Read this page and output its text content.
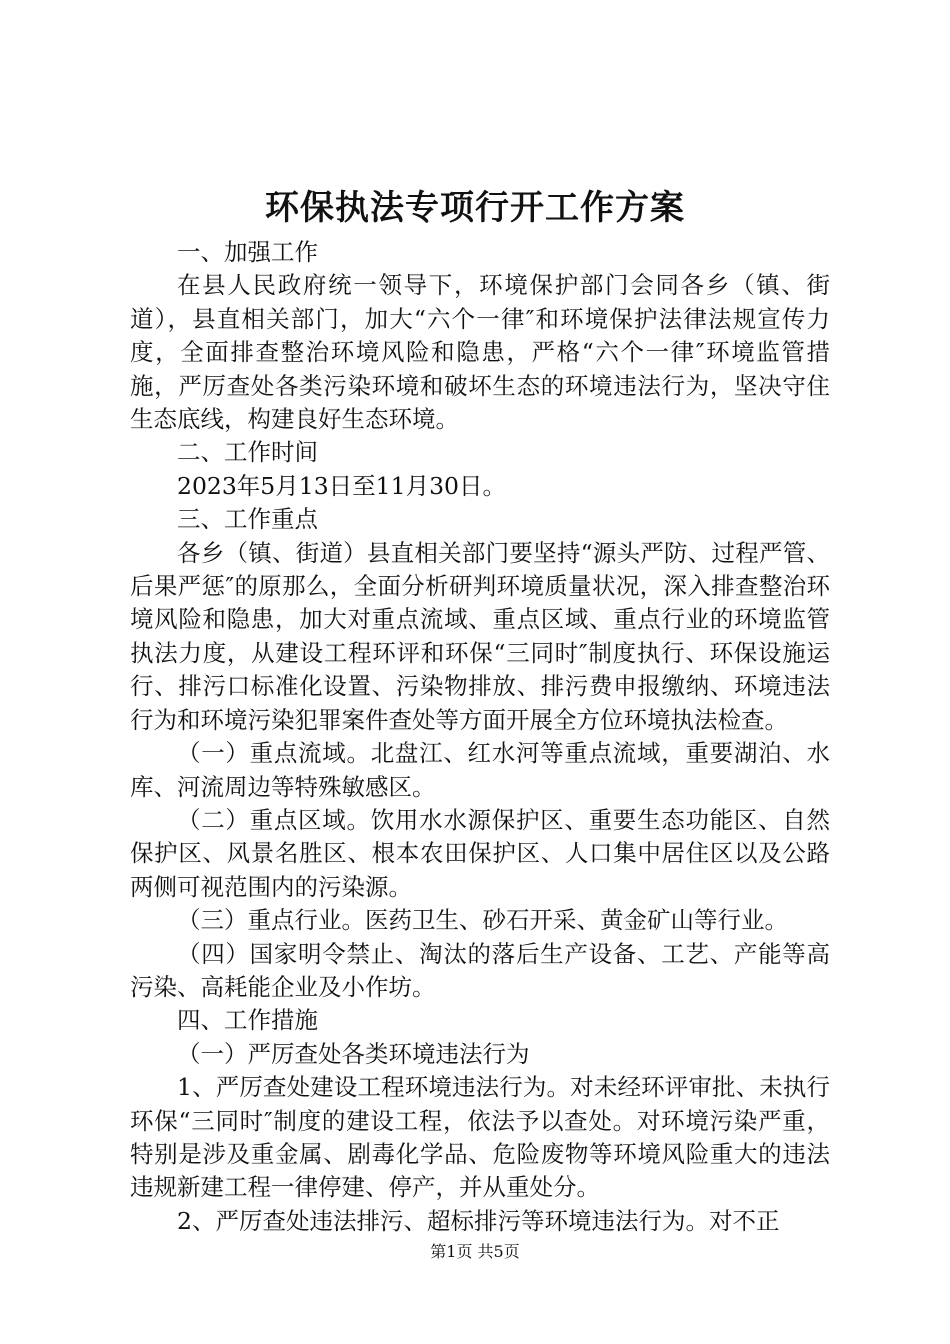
环保执法专项行开工作方案

一、加强工作

在县人民政府统一领导下，环境保护部门会同各乡（镇、街道），县直相关部门，加大“六个一律″和环境保护法律法规宣传力度，全面排查整治环境风险和隐患，严格“六个一律″环境监管措施，严厉查处各类污染环境和破坏生态的环境违法行为，坚决守住生态底线，构建良好生态环境。

二、工作时间

2023年5月13日至11月30日。

三、工作重点

各乡（镇、街道）县直相关部门要坚持“源头严防、过程严管、后果严惩″的原那么，全面分析研判环境质量状况，深入排查整治环境风险和隐患，加大对重点流域、重点区域、重点行业的环境监管执法力度，从建设工程环评和环保“三同时″制度执行、环保设施运行、排污口标准化设置、污染物排放、排污费申报缴纳、环境违法行为和环境污染犯罪案件查处等方面开展全方位环境执法检查。

（一）重点流域。北盘江、红水河等重点流域，重要湖泊、水库、河流周边等特殊敏感区。

（二）重点区域。饮用水水源保护区、重要生态功能区、自然保护区、风景名胜区、根本农田保护区、人口集中居住区以及公路两侧可视范围内的污染源。

（三）重点行业。医药卫生、砂石开采、黄金矿山等行业。

（四）国家明令禁止、淘汰的落后生产设备、工艺、产能等高污染、高耗能企业及小作坊。

四、工作措施

（一）严厉查处各类环境违法行为

1、严厉查处建设工程环境违法行为。对未经环评审批、未执行环保“三同时″制度的建设工程，依法予以查处。对环境污染严重，特别是涉及重金属、剧毒化学品、危险废物等环境风险重大的违法违规新建工程一律停建、停产，并从重处分。

2、严厉查处违法排污、超标排污等环境违法行为。对不正

第1页 共5页
